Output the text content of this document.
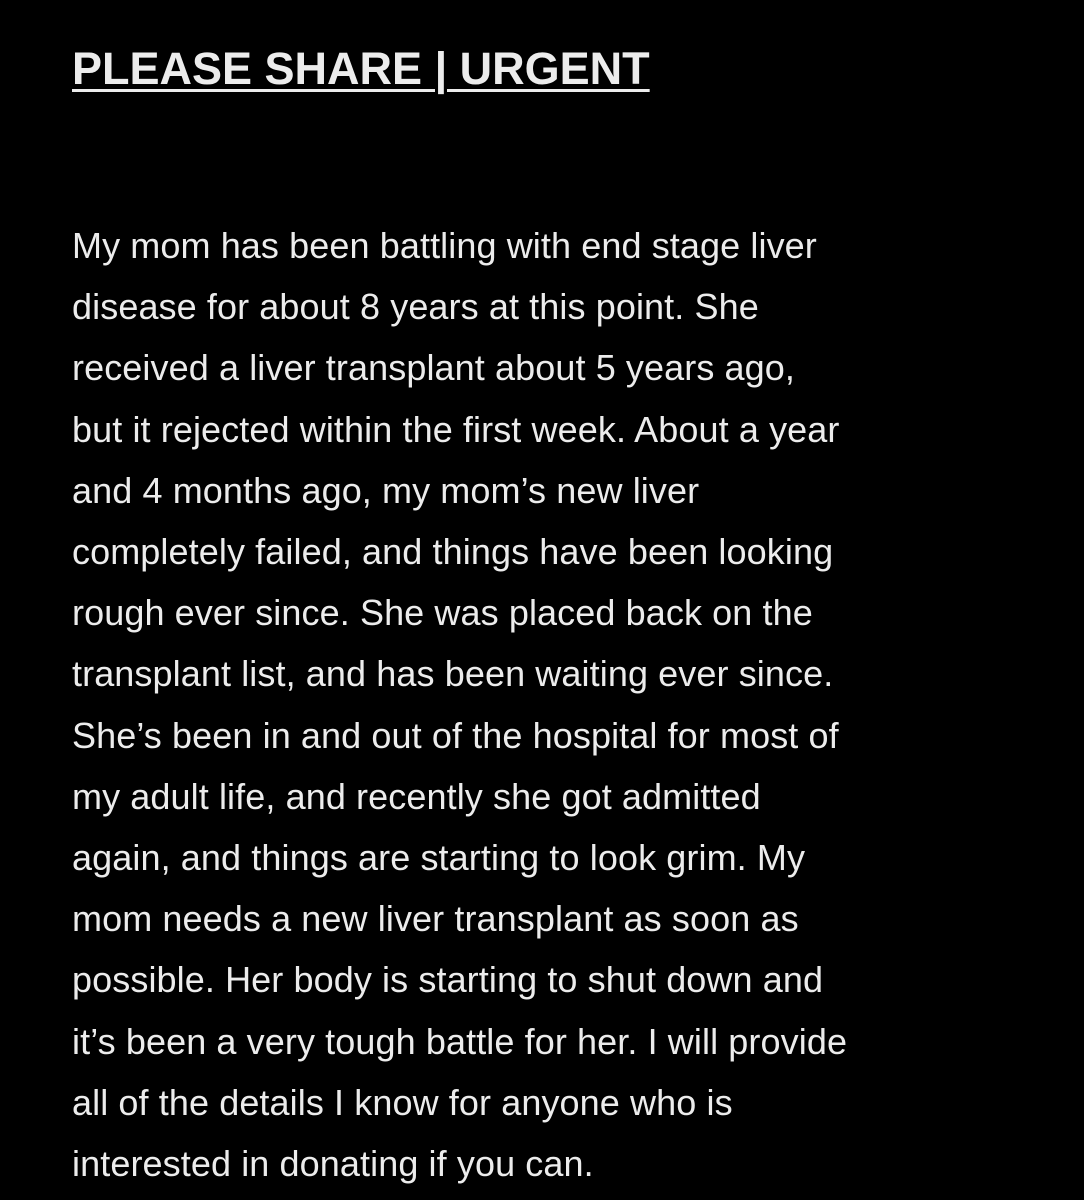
PLEASE SHARE | URGENT
My mom has been battling with end stage liver
disease for about 8 years at this point. She
received a liver transplant about 5 years ago,
but it rejected within the first week. About a year
and 4 months ago, my mom’s new liver
completely failed, and things have been looking
rough ever since. She was placed back on the
transplant list, and has been waiting ever since.
She’s been in and out of the hospital for most of
my adult life, and recently she got admitted
again, and things are starting to look grim. My
mom needs a new liver transplant as soon as
possible. Her body is starting to shut down and
it’s been a very tough battle for her. I will provide
all of the details I know for anyone who is
interested in donating if you can.
